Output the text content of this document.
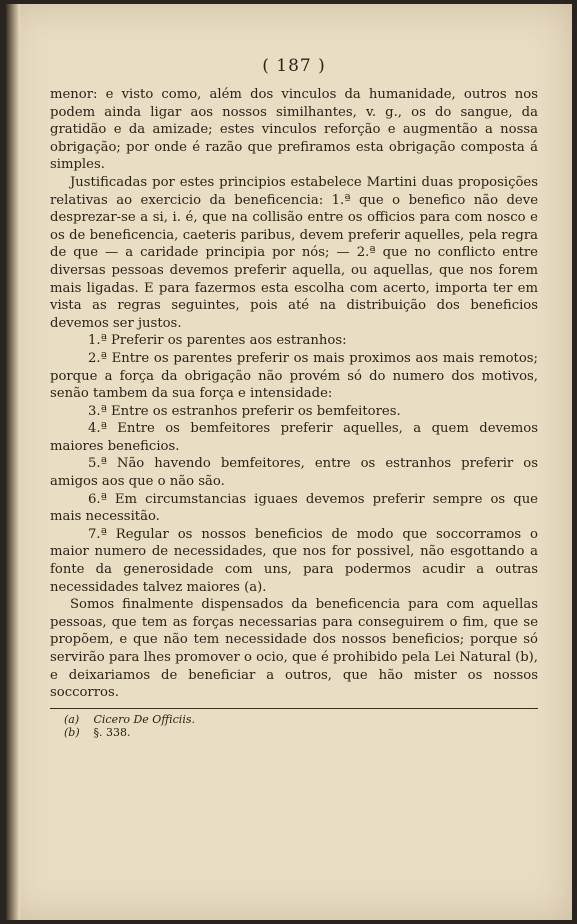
( 187 )

menor: e visto como, além dos vinculos da humanidade, outros nos podem ainda ligar aos nossos similhantes, v. g., os do sangue, da gratidão e da amizade; estes vinculos reforção e augmentão a nossa obrigação; por onde é razão que prefiramos esta obrigação composta á simples.

Justificadas por estes principios estabelece Martini duas proposições relativas ao exercicio da beneficencia: 1.ª que o benefico não deve desprezar-se a si, i. é, que na collisão entre os officios para com nosco e os de beneficencia, caeteris paribus, devem preferir aquelles, pela regra de que — a caridade principia por nós; — 2.ª que no conflicto entre diversas pessoas devemos preferir aquella, ou aquellas, que nos forem mais ligadas. E para fazermos esta escolha com acerto, importa ter em vista as regras seguintes, pois até na distribuição dos beneficios devemos ser justos.

1.ª Preferir os parentes aos estranhos:

2.ª Entre os parentes preferir os mais proximos aos mais remotos; porque a força da obrigação não provém só do numero dos motivos, senão tambem da sua força e intensidade:

3.ª Entre os estranhos preferir os bemfeitores.

4.ª Entre os bemfeitores preferir aquelles, a quem devemos maiores beneficios.

5.ª Não havendo bemfeitores, entre os estranhos preferir os amigos aos que o não são.

6.ª Em circumstancias iguaes devemos preferir sempre os que mais necessitão.

7.ª Regular os nossos beneficios de modo que soccorramos o maior numero de necessidades, que nos for possivel, não esgottando a fonte da generosidade com uns, para podermos acudir a outras necessidades talvez maiores (a).

Somos finalmente dispensados da beneficencia para com aquellas pessoas, que tem as forças necessarias para conseguirem o fim, que se propõem, e que não tem necessidade dos nossos beneficios; porque só servirão para lhes promover o ocio, que é prohibido pela Lei Natural (b), e deixariamos de beneficiar a outros, que hão mister os nossos soccorros.

(a) Cicero De Officiis.

(b) §. 338.
